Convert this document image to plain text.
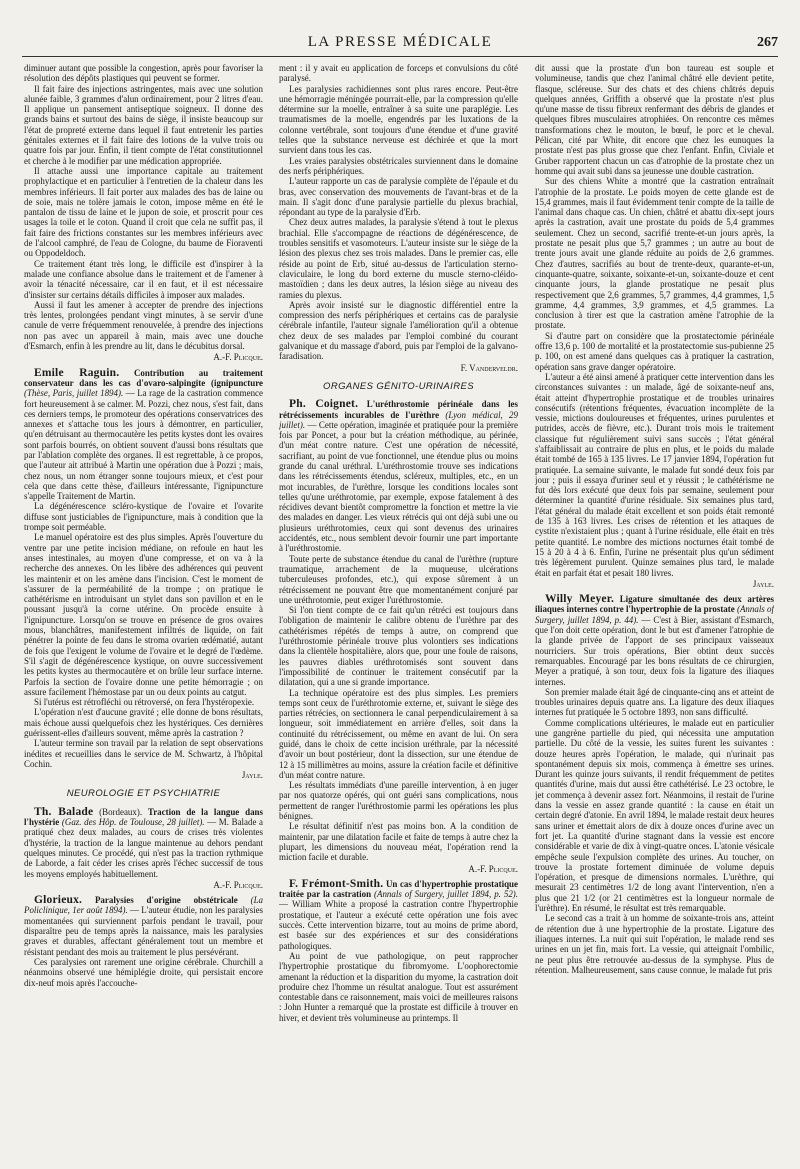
LA PRESSE MÉDICALE	267

diminuer autant que possible la congestion, après pour favoriser la résolution des dépôts plastiques qui peuvent se former.

Il fait faire des injections astringentes, mais avec une solution alunée faible, 3 grammes d'alun ordinairement, pour 2 litres d'eau. Il applique un pansement antiseptique soigneux. Il donne des grands bains et surtout des bains de siège, il insiste beaucoup sur l'état de propreté externe dans lequel il faut entretenir les parties génitales externes et il fait faire des lotions de la vulve trois ou quatre fois par jour. Enfin, il tient compte de l'état constitutionnel et cherche à le modifier par une médication appropriée.

Il attache aussi une importance capitale au traitement prophylactique et en particulier à l'entretien de la chaleur dans les membres inférieurs. Il fait porter aux malades des bas de laine ou de soie, mais ne tolère jamais le coton, impose même en été le pantalon de tissu de laine et le jupon de soie, et proscrit pour ces usages la toile et le coton. Quand il croit que cela ne suffit pas, il fait faire des frictions constantes sur les membres inférieurs avec de l'alcool camphré, de l'eau de Cologne, du baume de Fioraventi ou Oppodeldoch.

Ce traitement étant très long, le difficile est d'inspirer à la malade une confiance absolue dans le traitement et de l'amener à avoir la ténacité nécessaire, car il en faut, et il est nécessaire d'insister sur certains détails difficiles à imposer aux malades.

Aussi il faut les amener à accepter de prendre des injections très lentes, prolongées pendant vingt minutes, à se servir d'une canule de verre fréquemment renouvelée, à prendre des injections non pas avec un appareil à main, mais avec une douche d'Esmarch, enfin à les prendre au lit, dans le décubitus dorsal.

A.-F. Plicque.

Emile Raguin. Contribution au traitement conservateur dans les cas d'ovaro-salpingite (ignipuncture (Thèse, Paris, juillet 1894). — La rage de la castration commence fort heureusement à se calmer. M. Pozzi, chez nous, s'est fait, dans ces derniers temps, le promoteur des opérations conservatrices des annexes et s'attache tous les jours à démontrer, en particulier, qu'en détruisant au thermocautère les petits kystes dont les ovaires sont parfois bourrés, on obtient souvent d'aussi bons résultats que par l'ablation complète des organes. Il est regrettable, à ce propos, que l'auteur ait attribué à Martin une opération due à Pozzi ; mais, chez nous, un nom étranger sonne toujours mieux, et c'est pour cela que dans cette thèse, d'ailleurs intéressante, l'ignipuncture s'appelle Traitement de Martin.

La dégénérescence scléro-kystique de l'ovaire et l'ovarite diffuse sont justiciables de l'ignipuncture, mais à condition que la trompe soit perméable.

Le manuel opératoire est des plus simples. Après l'ouverture du ventre par une petite incision médiane, on refoule en haut les anses intestinales, au moyen d'une compresse, et on va à la recherche des annexes. On les libère des adhérences qui peuvent les maintenir et on les amène dans l'incision. C'est le moment de s'assurer de la perméabilité de la trompe ; on pratique le cathétérisme en introduisant un stylet dans son pavillon et en le poussant jusqu'à la corne utérine. On procède ensuite à l'ignipuncture. Lorsqu'on se trouve en présence de gros ovaires mous, blanchâtres, manifestement infiltrés de liquide, on fait pénétrer la pointe de feu dans le stroma ovarien œdématié, autant de fois que l'exigent le volume de l'ovaire et le degré de l'œdème. S'il s'agit de dégénérescence kystique, on ouvre successivement les petits kystes au thermocautère et on brûle leur surface interne. Parfois la section de l'ovaire donne une petite hémorragie ; on assure facilement l'hémostase par un ou deux points au catgut.

Si l'utérus est rétrofléchi ou rétroversé, on fera l'hystéropexie.

L'opération n'est d'aucune gravité ; elle donne de bons résultats, mais échoue aussi quelquefois chez les hystériques. Ces dernières guérissent-elles d'ailleurs souvent, même après la castration ?

L'auteur termine son travail par la relation de sept observations inédites et recueillies dans le service de M. Schwartz, à l'hôpital Cochin.

Jayle.

NEUROLOGIE ET PSYCHIATRIE

Th. Balade (Bordeaux). Traction de la langue dans l'hystérie (Gaz. des Hôp. de Toulouse, 28 juillet). — M. Balade a pratiqué chez deux malades, au cours de crises très violentes d'hystérie, la traction de la langue maintenue au dehors pendant quelques minutes. Ce procédé, qui n'est pas la traction rythmique de Laborde, a fait céder les crises après l'échec successif de tous les moyens employés habituellement.

A.-F. Plicque.

Glorieux. Paralysies d'origine obstétricale (La Policlinique, 1er août 1894). — L'auteur étudie, non les paralysies momentanées qui surviennent parfois pendant le travail, pour disparaître peu de temps après la naissance, mais les paralysies graves et durables, affectant généralement tout un membre et résistant pendant des mois au traitement le plus persévérant.

Ces paralysies ont rarement une origine cérébrale. Churchill a néanmoins observé une hémiplégie droite, qui persistait encore dix-neuf mois après l'accouche-

ment : il y avait eu application de forceps et convulsions du côté paralysé.

Les paralysies rachidiennes sont plus rares encore. Peut-être une hémorragie méningée pourrait-elle, par la compression qu'elle détermine sur la moelle, entraîner à sa suite une paraplégie. Les traumatismes de la moelle, engendrés par les luxations de la colonne vertébrale, sont toujours d'une étendue et d'une gravité telles que la substance nerveuse est déchirée et que la mort survient dans tous les cas.

Les vraies paralysies obstétricales surviennent dans le domaine des nerfs périphériques.

L'auteur rapporte un cas de paralysie complète de l'épaule et du bras, avec conservation des mouvements de l'avant-bras et de la main. Il s'agit donc d'une paralysie partielle du plexus brachial, répondant au type de la paralysie d'Erb.

Chez deux autres malades, la paralysie s'étend à tout le plexus brachial. Elle s'accompagne de réactions de dégénérescence, de troubles sensitifs et vasomoteurs. L'auteur insiste sur le siège de la lésion des plexus chez ses trois malades. Dans le premier cas, elle réside au point de Erb, situé au-dessus de l'articulation sterno-claviculaire, le long du bord externe du muscle sterno-cléido-mastoïdien ; dans les deux autres, la lésion siège au niveau des ramies du plexus.

Après avoir insisté sur le diagnostic différentiel entre la compression des nerfs périphériques et certains cas de paralysie cérébrale infantile, l'auteur signale l'amélioration qu'il a obtenue chez deux de ses malades par l'emploi combiné du courant galvanique et du massage d'abord, puis par l'emploi de la galvano-faradisation.

F. Vanderveldr.

ORGANES GÉNITO-URINAIRES

Ph. Coignet. L'uréthrostomie périnéale dans les rétrécissements incurables de l'urèthre (Lyon médical, 29 juillet). — Cette opération, imaginée et pratiquée pour la première fois par Poncet, a pour but la création méthodique, au périnée, d'un méat contre nature. C'est une opération de nécessité, sacrifiant, au point de vue fonctionnel, une étendue plus ou moins grande du canal uréthral. L'uréthrostomie trouve ses indications dans les rétrécissements étendus, scléreux, multiples, etc., en un mot incurables, de l'urèthre, lorsque les conditions locales sont telles qu'une uréthrotomie, par exemple, expose fatalement à des récidives devant bientôt compromettre la fonction et mettre la vie des malades en danger. Les vieux rétrécis qui ont déjà subi une ou plusieurs uréthrotomies, ceux qui sont devenus des urinaires accidentés, etc., nous semblent devoir fournir une part importante à l'uréthrostomie.

Toute perte de substance étendue du canal de l'urèthre (rupture traumatique, arrachement de la muqueuse, ulcérations tuberculeuses profondes, etc.), qui expose sûrement à un rétrécissement ne pouvant être que momentanément conjuré par une uréthrotomie, peut exiger l'uréthrostomie.

Si l'on tient compte de ce fait qu'un rétréci est toujours dans l'obligation de maintenir le calibre obtenu de l'urèthre par des cathétérismes répétés de temps à autre, on comprend que l'uréthrostomie périnéale trouve plus volontiers ses indications dans la clientèle hospitalière, alors que, pour une foule de raisons, les pauvres diables uréthrotomisés sont souvent dans l'impossibilité de continuer le traitement consécutif par la dilatation, qui a une si grande importance.

La technique opératoire est des plus simples. Les premiers temps sont ceux de l'uréthrotomie externe, et, suivant le siège des parties rétrécies, on sectionnera le canal perpendiculairement à sa longueur, soit immédiatement en arrière d'elles, soit dans la continuité du rétrécissement, ou même en avant de lui. On sera guidé, dans le choix de cette incision uréthrale, par la nécessité d'avoir un bout postérieur, dont la dissection, sur une étendue de 12 à 15 millimètres au moins, assure la création facile et définitive d'un méat contre nature.

Les résultats immédiats d'une pareille intervention, à en juger par nos quatorze opérés, qui ont guéri sans complications, nous permettent de ranger l'uréthrostomie parmi les opérations les plus bénignes.

Le résultat définitif n'est pas moins bon. A la condition de maintenir, par une dilatation facile et faite de temps à autre chez la plupart, les dimensions du nouveau méat, l'opération rend la miction facile et durable.

A.-F. Plicque.

F. Frémont-Smith. Un cas d'hypertrophie prostatique traitée par la castration (Annals of Surgery, juillet 1894, p. 52). — William White a proposé la castration contre l'hypertrophie prostatique, et l'auteur a exécuté cette opération une fois avec succès. Cette intervention bizarre, tout au moins de prime abord, est basée sur des expériences et sur des considérations pathologiques.

Au point de vue pathologique, on peut rapprocher l'hypertrophie prostatique du fibromyome. L'oophorectomie amenant la réduction et la disparition du myome, la castration doit produire chez l'homme un résultat analogue. Tout est assurément contestable dans ce raisonnement, mais voici de meilleures raisons : John Hunter a remarqué que la prostate est difficile à trouver en hiver, et devient très volumineuse au printemps. Il

dit aussi que la prostate d'un bon taureau est souple et volumineuse, tandis que chez l'animal châtré elle devient petite, flasque, scléreuse. Sur des chats et des chiens châtrés depuis quelques années, Griffith a observé que la prostate n'est plus qu'une masse de tissu fibreux renfermant des débris de glandes et quelques fibres musculaires atrophiées. On rencontre ces mêmes transformations chez le mouton, le bœuf, le porc et le cheval. Pélican, cité par White, dit encore que chez les eunuques la prostate n'est pas plus grosse que chez l'enfant. Enfin, Civiale et Gruber rapportent chacun un cas d'atrophie de la prostate chez un homme qui avait subi dans sa jeunesse une double castration.

Sur des chiens White a montré que la castration entraînait l'atrophie de la prostate. Le poids moyen de cette glande est de 15,4 grammes, mais il faut évidemment tenir compte de la taille de l'animal dans chaque cas. Un chien, châtré et abattu dix-sept jours après la castration, avait une prostate du poids de 5,4 grammes seulement. Chez un second, sacrifié trente-et-un jours après, la prostate ne pesait plus que 5,7 grammes ; un autre au bout de trente jours avait une glande réduite au poids de 2,6 grammes. Chez d'autres, sacrifiés au bout de trente-deux, quarante-et-un, cinquante-quatre, soixante, soixante-et-un, soixante-douze et cent cinquante jours, la glande prostatique ne pesait plus respectivement que 2,6 grammes, 5,7 grammes, 4,4 grammes, 1,5 gramme, 4,4 grammes, 3,9 grammes, et 4,5 grammes. La conclusion à tirer est que la castration amène l'atrophie de la prostate.

Si d'autre part on considère que la prostatectomie périnéale offre 13,6 p. 100 de mortalité et la prostatectomie sus-pubienne 25 p. 100, on est amené dans quelques cas à pratiquer la castration, opération sans grave danger opératoire.

L'auteur a été ainsi amené à pratiquer cette intervention dans les circonstances suivantes : un malade, âgé de soixante-neuf ans, était atteint d'hypertrophie prostatique et de troubles urinaires consécutifs (rétentions fréquentes, évacuation incomplète de la vessie, mictions douloureuses et fréquentes, urines purulentes et putrides, accès de fièvre, etc.). Durant trois mois le traitement classique fut régulièrement suivi sans succès ; l'état général s'affaiblissait au contraire de plus en plus, et le poids du malade était tombé de 165 à 135 livres. Le 17 janvier 1894, l'opération fut pratiquée. La semaine suivante, le malade fut sondé deux fois par jour ; puis il essaya d'uriner seul et y réussit ; le cathétérisme ne fut dès lors exécuté que deux fois par semaine, seulement pour déterminer la quantité d'urine résiduale. Six semaines plus tard, l'état général du malade était excellent et son poids était remonté de 135 à 163 livres. Les crises de rétention et les attaques de cystite n'existaient plus ; quant à l'urine résiduale, elle était en très petite quantité. Le nombre des mictions nocturnes était tombé de 15 à 20 à 4 à 6. Enfin, l'urine ne présentait plus qu'un sédiment très légèrement purulent. Quinze semaines plus tard, le malade était en parfait état et pesait 180 livres.

Jayle.

Willy Meyer. Ligature simultanée des deux artères iliaques internes contre l'hypertrophie de la prostate (Annals of Surgery, juillet 1894, p. 44). — C'est à Bier, assistant d'Esmarch, que l'on doit cette opération, dont le but est d'amener l'atrophie de la glande privée de l'apport de ses principaux vaisseaux nourriciers. Sur trois opérations, Bier obtint deux succès remarquables. Encouragé par les bons résultats de ce chirurgien, Meyer a pratiqué, à son tour, deux fois la ligature des iliaques internes.

Son premier malade était âgé de cinquante-cinq ans et atteint de troubles urinaires depuis quatre ans. La ligature des deux iliaques internes fut pratiquée le 5 octobre 1893, non sans difficulté.

Comme complications ultérieures, le malade eut en particulier une gangrène partielle du pied, qui nécessita une amputation partielle. Du côté de la vessie, les suites furent les suivantes : douze heures après l'opération, le malade, qui n'urinait pas spontanément depuis six mois, commença à émettre ses urines. Durant les quinze jours suivants, il rendit fréquemment de petites quantités d'urine, mais dut aussi être cathétérisé. Le 23 octobre, le jet commença à devenir assez fort. Néanmoins, il restait de l'urine dans la vessie en assez grande quantité : la cause en était un certain degré d'atonie. En avril 1894, le malade restait deux heures sans uriner et émettait alors de dix à douze onces d'urine avec un fort jet. La quantité d'urine stagnant dans la vessie est encore considérable et varie de dix à vingt-quatre onces. L'atonie vésicale empêche seule l'expulsion complète des urines. Au toucher, on trouve la prostate fortement diminuée de volume depuis l'opération, et presque de dimensions normales. L'urèthre, qui mesurait 23 centimètres 1/2 de long avant l'intervention, n'en a plus que 21 1/2 (or 21 centimètres est la longueur normale de l'urèthre). En résumé, le résultat est très remarquable.

Le second cas a trait à un homme de soixante-trois ans, atteint de rétention due à une hypertrophie de la prostate. Ligature des iliaques internes. La nuit qui suit l'opération, le malade rend ses urines en un jet fin, mais fort. La vessie, qui atteignait l'ombilic, ne peut plus être retrouvée au-dessus de la symphyse. Plus de rétention. Malheureusement, sans cause connue, le malade fut pris
